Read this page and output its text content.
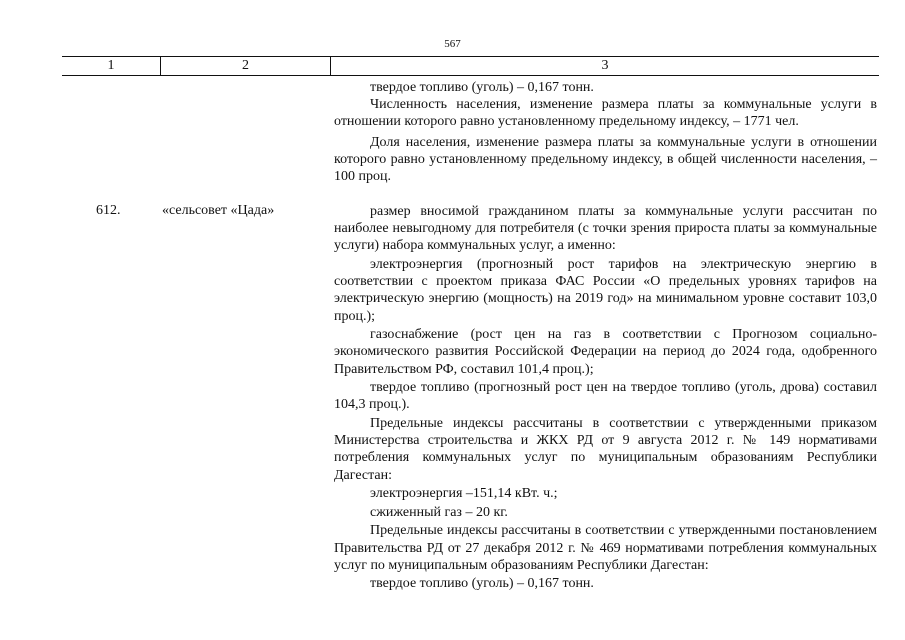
567
1	2	3

твердое топливо (уголь) – 0,167 тонн.

Численность населения, изменение размера платы за коммунальные услуги в отношении которого равно установленному предельному индексу, – 1771 чел.

Доля населения, изменение размера платы за коммунальные услуги в отношении которого равно установленному предельному индексу, в общей численности населения, – 100 проц.

612.	«сельсовет «Цада»	размер вносимой гражданином платы за коммунальные услуги рассчитан по наиболее невыгодному для потребителя (с точки зрения прироста платы за коммунальные услуги) набора коммунальных услуг, а именно:

электроэнергия (прогнозный рост тарифов на электрическую энергию в соответствии с проектом приказа ФАС России «О предельных уровнях тарифов на электрическую энергию (мощность) на 2019 год» на минимальном уровне составит 103,0 проц.);

газоснабжение (рост цен на газ в соответствии с Прогнозом социально-экономического развития Российской Федерации на период до 2024 года, одобренного Правительством РФ, составил 101,4 проц.);

твердое топливо (прогнозный рост цен на твердое топливо (уголь, дрова) составил 104,3 проц.).

Предельные индексы рассчитаны в соответствии с утвержденными приказом Министерства строительства и ЖКХ РД от 9 августа 2012 г. № 149 нормативами потребления коммунальных услуг по муниципальным образованиям Республики Дагестан:

электроэнергия –151,14 кВт. ч.;

сжиженный газ – 20 кг.

Предельные индексы рассчитаны в соответствии с утвержденными постановлением Правительства РД от 27 декабря 2012 г. № 469 нормативами потребления коммунальных услуг по муниципальным образованиям Республики Дагестан:

твердое топливо (уголь) – 0,167 тонн.
